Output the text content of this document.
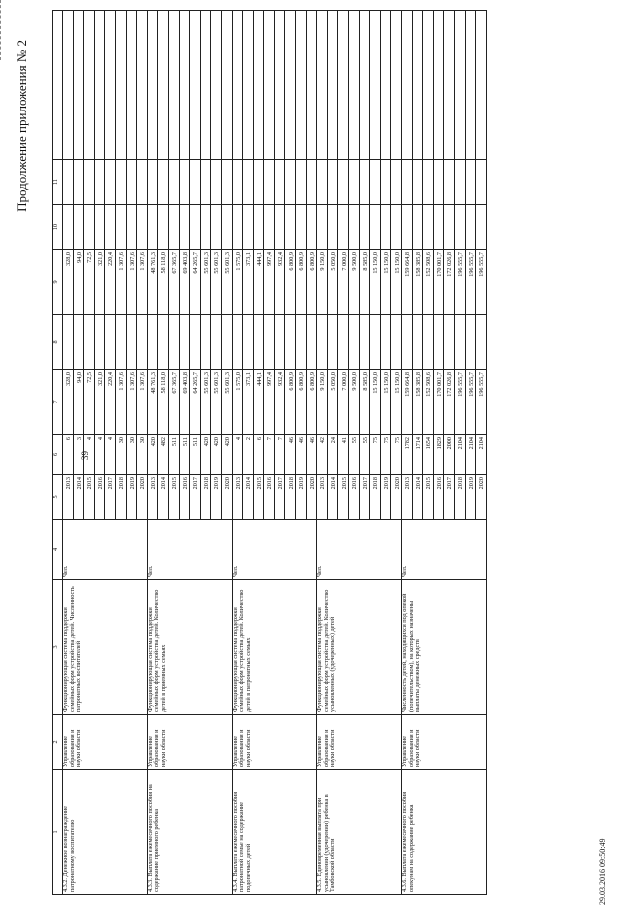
Продолжение приложения № 2
39
1	2	3	4	5	6	7	8	9	10	11	
4.3.2. Денежное вознаграждение патронатному воспитателю	Управление образования и науки области	Функционирующая система поддержки семейных форм устройства детей. Численность патронатных воспитателей	Чел.	2013	6	328,0		328,0			
				2014	3	94,0		94,0			
				2015	4	72,5		72,5			
				2016	4	321,0		321,0			
				2017	4	220,4		220,4			
				2018	30	1 307,6		1 307,6			
				2019	30	1 307,6		1 307,6			
				2020	30	1 307,6		1 307,6			
4.3.3. Выплата ежемесячного пособия на содержание приемного ребенка	Управление образования и науки области	Функционирующая система поддержки семейных форм устройства детей. Количество детей в приемных семьях	Чел.	2013	420	48 761,3		48 761,3			
				2014	482	58 118,0		58 118,0			
				2015	511	67 365,7		67 365,7			
				2016	511	69 403,8		69 403,8			
				2017	511	64 265,7		64 265,7			
				2018	420	55 601,3		55 601,3			
				2019	420	55 601,3		55 601,3			
				2020	420	55 601,3		55 601,3			
4.3.4. Выплата ежемесячного пособия патронатной семье на содержание подопечных детей	Управление образования и науки области	Функционирующая система поддержки семейных форм устройства детей. Количество детей в патронатных семьях	Чел.	2013	4	1 575,0		1 575,0			
				2014	2	373,1		373,1			
				2015	6	444,1		444,1			
				2016	7	997,4		997,4			
				2017	7	932,4		932,4			
				2018	46	6 800,9		6 800,9			
				2019	46	6 800,9		6 800,9			
				2020	46	6 800,9		6 800,9			
4.3.5. Единовременная выплата при усыновлении (удочерении) ребенка в Тамбовской области	Управление образования и науки области	Функционирующая система поддержки семейных форм устройства детей. Количество усыновленных (удочеренных) детей	Чел.	2013	42	9 150,0		9 150,0			
				2014	24	5 050,0		5 050,0			
				2015	41	7 000,0		7 000,0			
				2016	55	9 500,0		9 500,0			
				2017	55	8 585,0		8 585,0			
				2018	75	15 150,0		15 150,0			
				2019	75	15 150,0		15 150,0			
				2020	75	15 150,0		15 150,0			
4.3.6. Выплата ежемесячного пособия опекунам на содержание ребенка	Управление образования и науки области	Численность детей, находящихся под опекой (попечительством), на которых назначены выплаты денежных средств	Чел.	2013	1782	159 664,8		159 664,8			
				2014	1714	158 385,8		158 385,8			
				2015	1654	152 508,6		152 508,6			
				2016	1829	170 001,7		170 001,7			
				2017	2000	172 026,8		172 026,8			
				2018	2104	196 555,7		196 555,7			
				2019	2104	196 555,7		196 555,7			
				2020	2104	196 555,7		196 555,7			
29.03.2016 09:50:49
